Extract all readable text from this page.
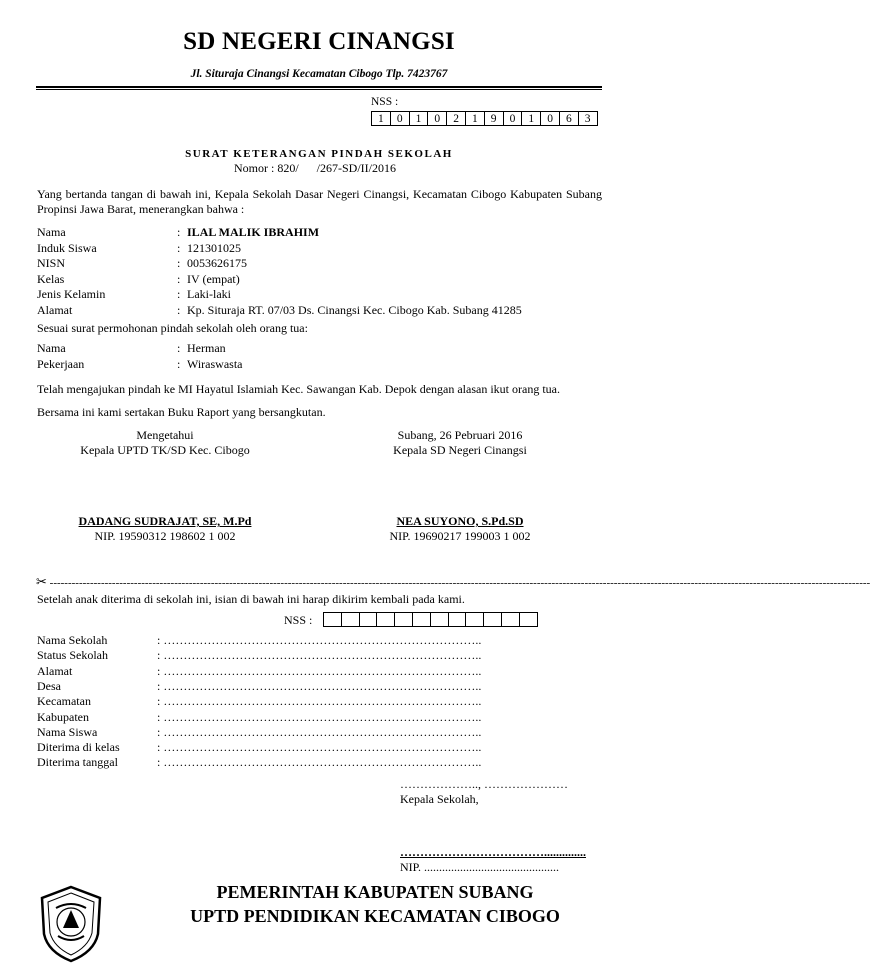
SD NEGERI CINANGSI
Jl. Situraja Cinangsi Kecamatan Cibogo Tlp. 7423767
NSS :
1	0	1	0	2	1	9	0	1	0	6	3
SURAT KETERANGAN PINDAH SEKOLAH
Nomor : 820/      /267-SD/II/2016
Yang bertanda tangan di bawah ini, Kepala Sekolah Dasar Negeri Cinangsi, Kecamatan Cibogo Kabupaten Subang Propinsi Jawa Barat, menerangkan bahwa :
Nama	: ILAL MALIK IBRAHIM
Induk Siswa	: 121301025
NISN	: 0053626175
Kelas	: IV (empat)
Jenis Kelamin	: Laki-laki
Alamat	: Kp. Situraja RT. 07/03 Ds. Cinangsi Kec. Cibogo Kab. Subang 41285
Sesuai surat permohonan pindah sekolah oleh orang tua:
Nama	: Herman
Pekerjaan	: Wiraswasta
Telah mengajukan pindah ke MI Hayatul Islamiah Kec. Sawangan Kab. Depok dengan alasan ikut orang tua.
Bersama ini kami sertakan Buku Raport yang bersangkutan.
Mengetahui
Kepala UPTD TK/SD Kec. Cibogo
Subang, 26 Pebruari 2016
Kepala SD Negeri Cinangsi
DADANG SUDRAJAT, SE, M.Pd
NIP. 19590312 198602 1 002
NEA SUYONO, S.Pd.SD
NIP. 19690217 199003 1 002
✂ --------------------------------------------------------------------------------------------------------------------------------------------------------------------------------------------------------------------------------
Setelah anak diterima di sekolah ini, isian di bawah ini harap dikirim kembali pada kami.
NSS :
Nama Sekolah	: ……………………………………………………………………..
Status Sekolah	: ……………………………………………………………………..
Alamat	: ……………………………………………………………………..
Desa	: ……………………………………………………………………..
Kecamatan	: ……………………………………………………………………..
Kabupaten	: ……………………………………………………………………..
Nama Siswa	: ……………………………………………………………………..
Diterima di kelas	: ……………………………………………………………………..
Diterima tanggal	: ……………………………………………………………………..
……………….., …………………
Kepala Sekolah,
………………………………..............
NIP. .............................................
PEMERINTAH KABUPATEN SUBANG
UPTD PENDIDIKAN KECAMATAN CIBOGO
